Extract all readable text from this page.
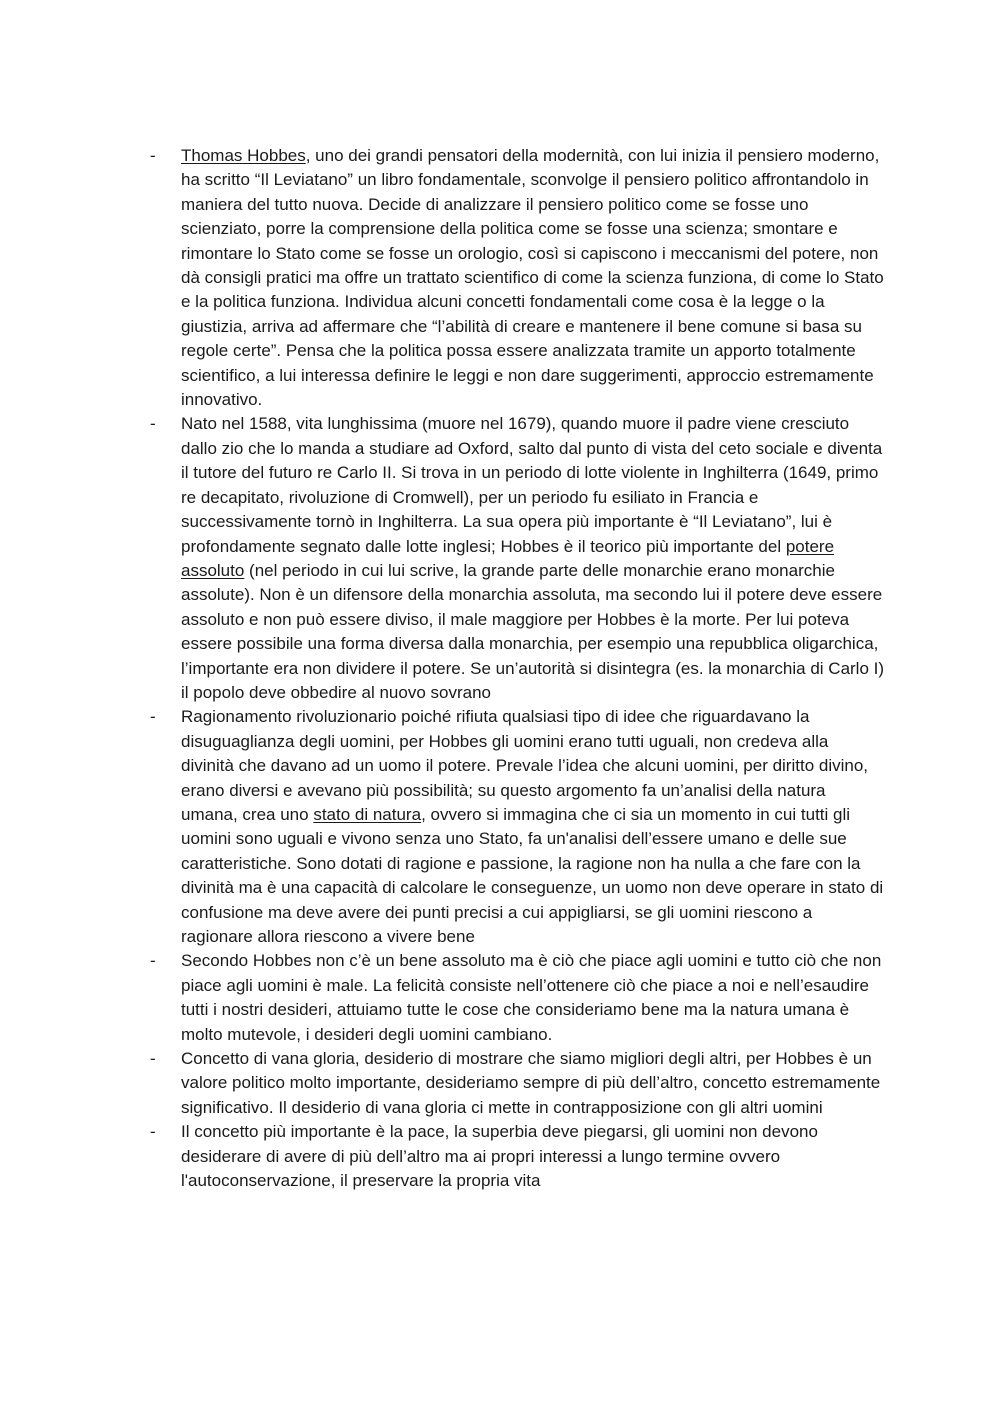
- Thomas Hobbes, uno dei grandi pensatori della modernità, con lui inizia il pensiero moderno, ha scritto “Il Leviatano” un libro fondamentale, sconvolge il pensiero politico affrontandolo in maniera del tutto nuova. Decide di analizzare il pensiero politico come se fosse uno scienziato, porre la comprensione della politica come se fosse una scienza; smontare e rimontare lo Stato come se fosse un orologio, così si capiscono i meccanismi del potere, non dà consigli pratici ma offre un trattato scientifico di come la scienza funziona, di come lo Stato e la politica funziona. Individua alcuni concetti fondamentali come cosa è la legge o la giustizia, arriva ad affermare che “l’abilità di creare e mantenere il bene comune si basa su regole certe”. Pensa che la politica possa essere analizzata tramite un apporto totalmente scientifico, a lui interessa definire le leggi e non dare suggerimenti, approccio estremamente innovativo.
- Nato nel 1588, vita lunghissima (muore nel 1679), quando muore il padre viene cresciuto dallo zio che lo manda a studiare ad Oxford, salto dal punto di vista del ceto sociale e diventa il tutore del futuro re Carlo II. Si trova in un periodo di lotte violente in Inghilterra (1649, primo re decapitato, rivoluzione di Cromwell), per un periodo fu esiliato in Francia e successivamente tornò in Inghilterra. La sua opera più importante è “Il Leviatano”, lui è profondamente segnato dalle lotte inglesi; Hobbes è il teorico più importante del potere assoluto (nel periodo in cui lui scrive, la grande parte delle monarchie erano monarchie assolute). Non è un difensore della monarchia assoluta, ma secondo lui il potere deve essere assoluto e non può essere diviso, il male maggiore per Hobbes è la morte. Per lui poteva essere possibile una forma diversa dalla monarchia, per esempio una repubblica oligarchica, l’importante era non dividere il potere. Se un’autorità si disintegra (es. la monarchia di Carlo I) il popolo deve obbedire al nuovo sovrano
- Ragionamento rivoluzionario poiché rifiuta qualsiasi tipo di idee che riguardavano la disuguaglianza degli uomini, per Hobbes gli uomini erano tutti uguali, non credeva alla divinità che davano ad un uomo il potere. Prevale l’idea che alcuni uomini, per diritto divino, erano diversi e avevano più possibilità; su questo argomento fa un’analisi della natura umana, crea uno stato di natura, ovvero si immagina che ci sia un momento in cui tutti gli uomini sono uguali e vivono senza uno Stato, fa un'analisi dell’essere umano e delle sue caratteristiche. Sono dotati di ragione e passione, la ragione non ha nulla a che fare con la divinità ma è una capacità di calcolare le conseguenze, un uomo non deve operare in stato di confusione ma deve avere dei punti precisi a cui appigliarsi, se gli uomini riescono a ragionare allora riescono a vivere bene
- Secondo Hobbes non c’è un bene assoluto ma è ciò che piace agli uomini e tutto ciò che non piace agli uomini è male. La felicità consiste nell’ottenere ciò che piace a noi e nell’esaudire tutti i nostri desideri, attuiamo tutte le cose che consideriamo bene ma la natura umana è molto mutevole, i desideri degli uomini cambiano.
- Concetto di vana gloria, desiderio di mostrare che siamo migliori degli altri, per Hobbes è un valore politico molto importante, desideriamo sempre di più dell’altro, concetto estremamente significativo. Il desiderio di vana gloria ci mette in contrapposizione con gli altri uomini
- Il concetto più importante è la pace, la superbia deve piegarsi, gli uomini non devono desiderare di avere di più dell’altro ma ai propri interessi a lungo termine ovvero l'autoconservazione, il preservare la propria vita
